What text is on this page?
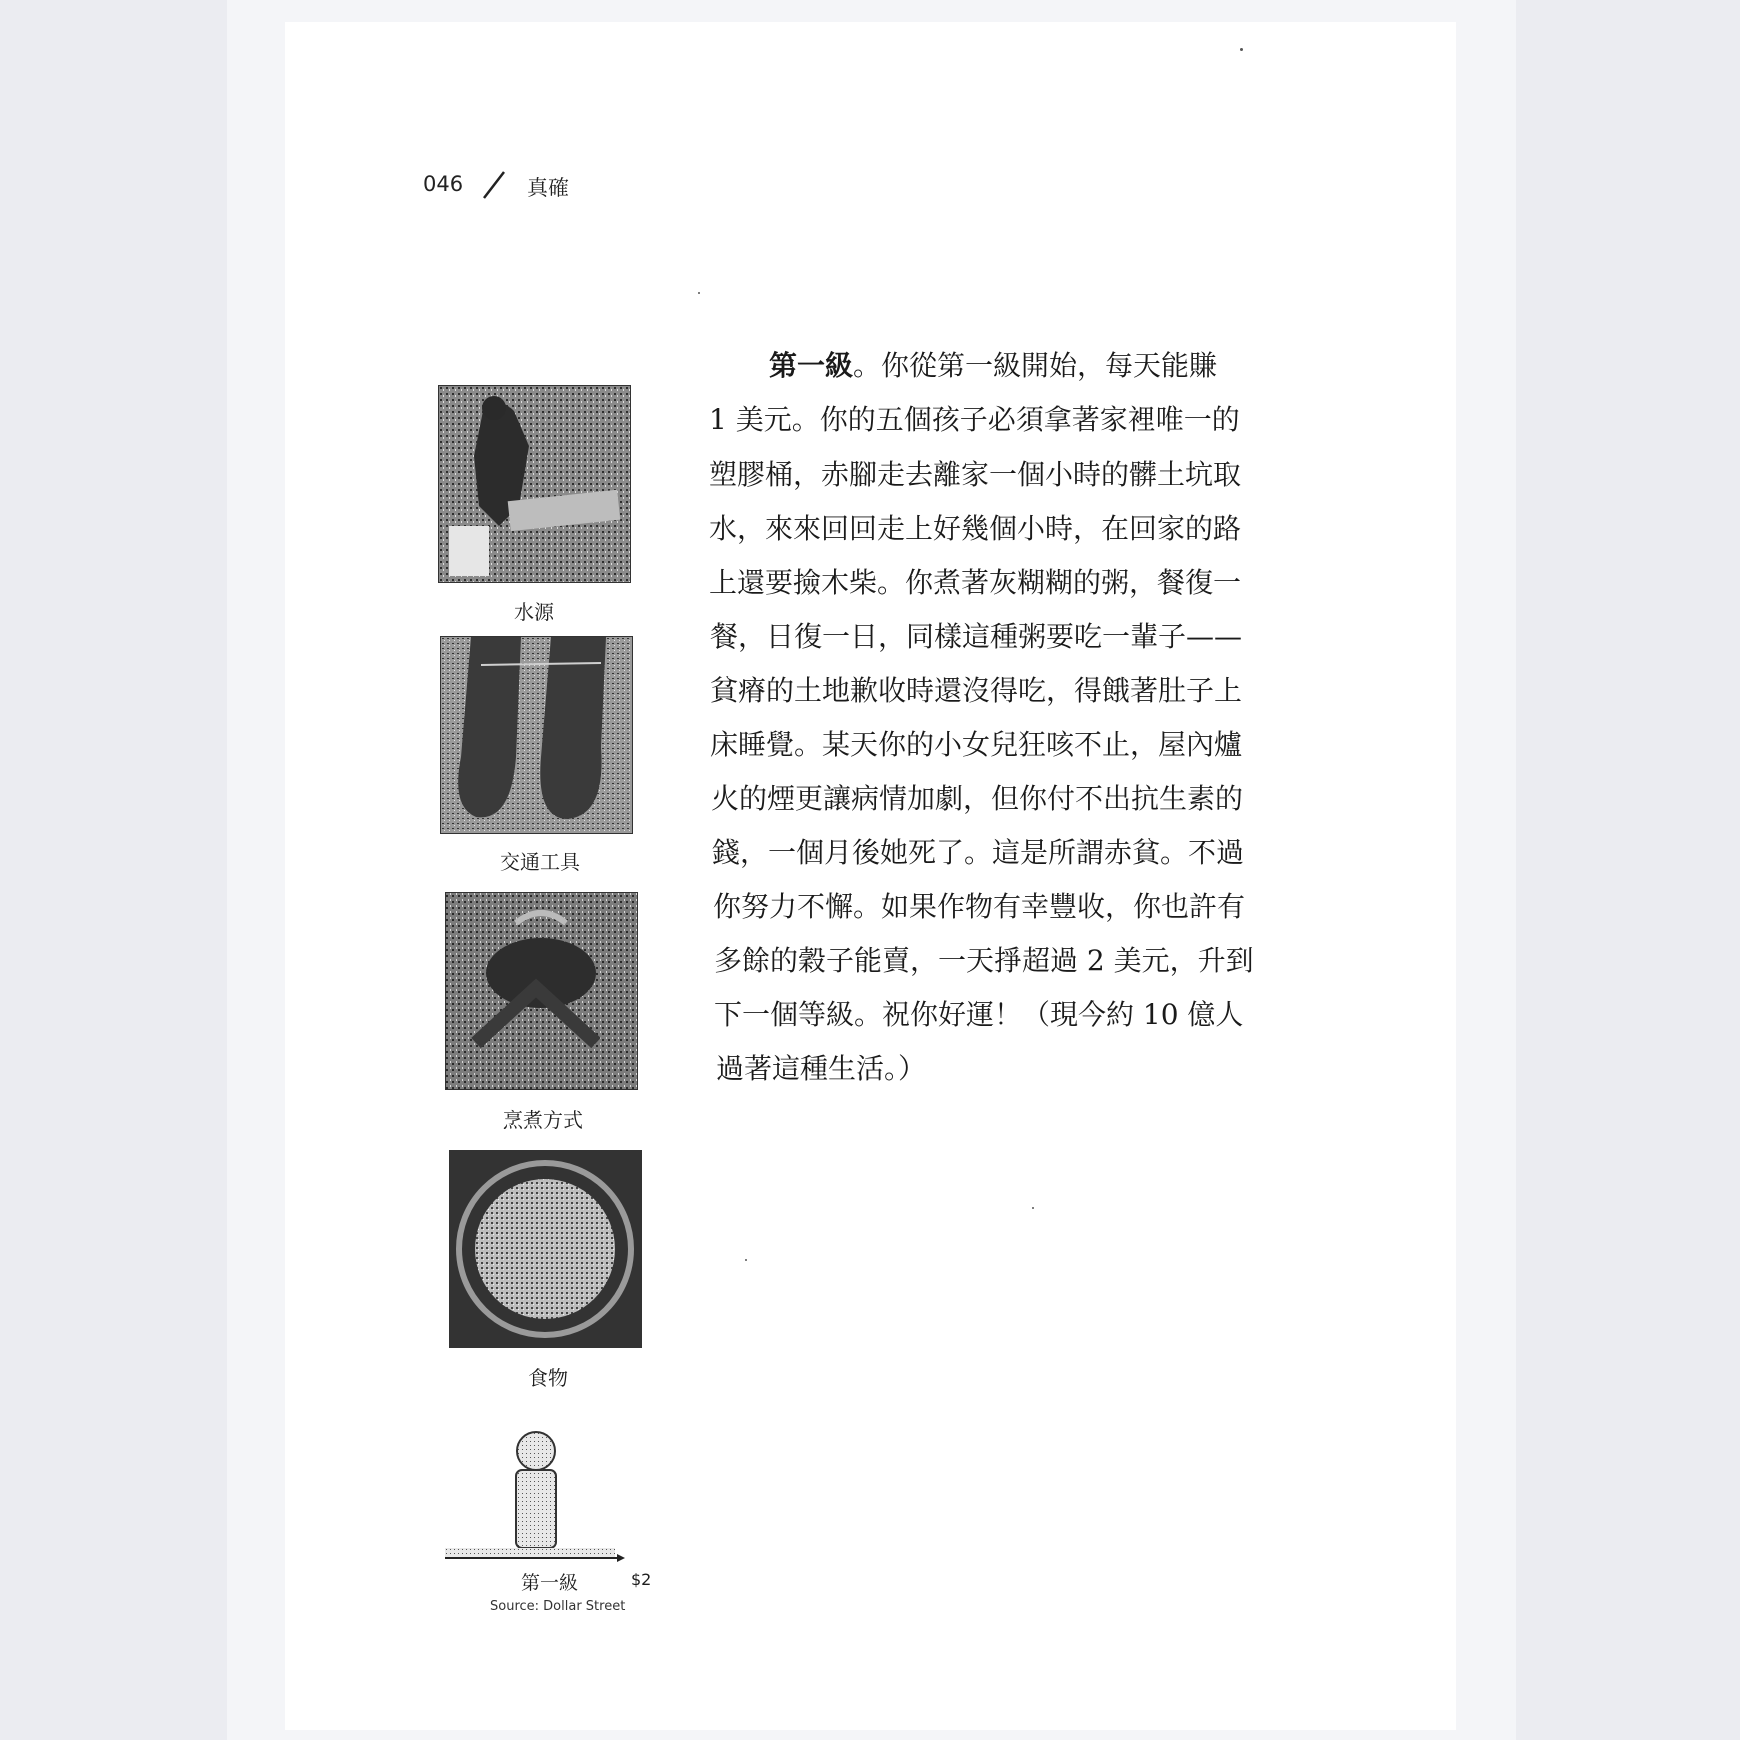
046	真確
水源
交通工具
烹煮方式
食物
第一級	$2
Source: Dollar Street
第一級。你從第一級開始，每天能賺
1 美元。你的五個孩子必須拿著家裡唯一的
塑膠桶，赤腳走去離家一個小時的髒土坑取
水，來來回回走上好幾個小時，在回家的路
上還要撿木柴。你煮著灰糊糊的粥，餐復一
餐，日復一日，同樣這種粥要吃一輩子——
貧瘠的土地歉收時還沒得吃，得餓著肚子上
床睡覺。某天你的小女兒狂咳不止，屋內爐
火的煙更讓病情加劇，但你付不出抗生素的
錢，一個月後她死了。這是所謂赤貧。不過
你努力不懈。如果作物有幸豐收，你也許有
多餘的穀子能賣，一天掙超過 2 美元，升到
下一個等級。祝你好運！（現今約 10 億人
過著這種生活。）
